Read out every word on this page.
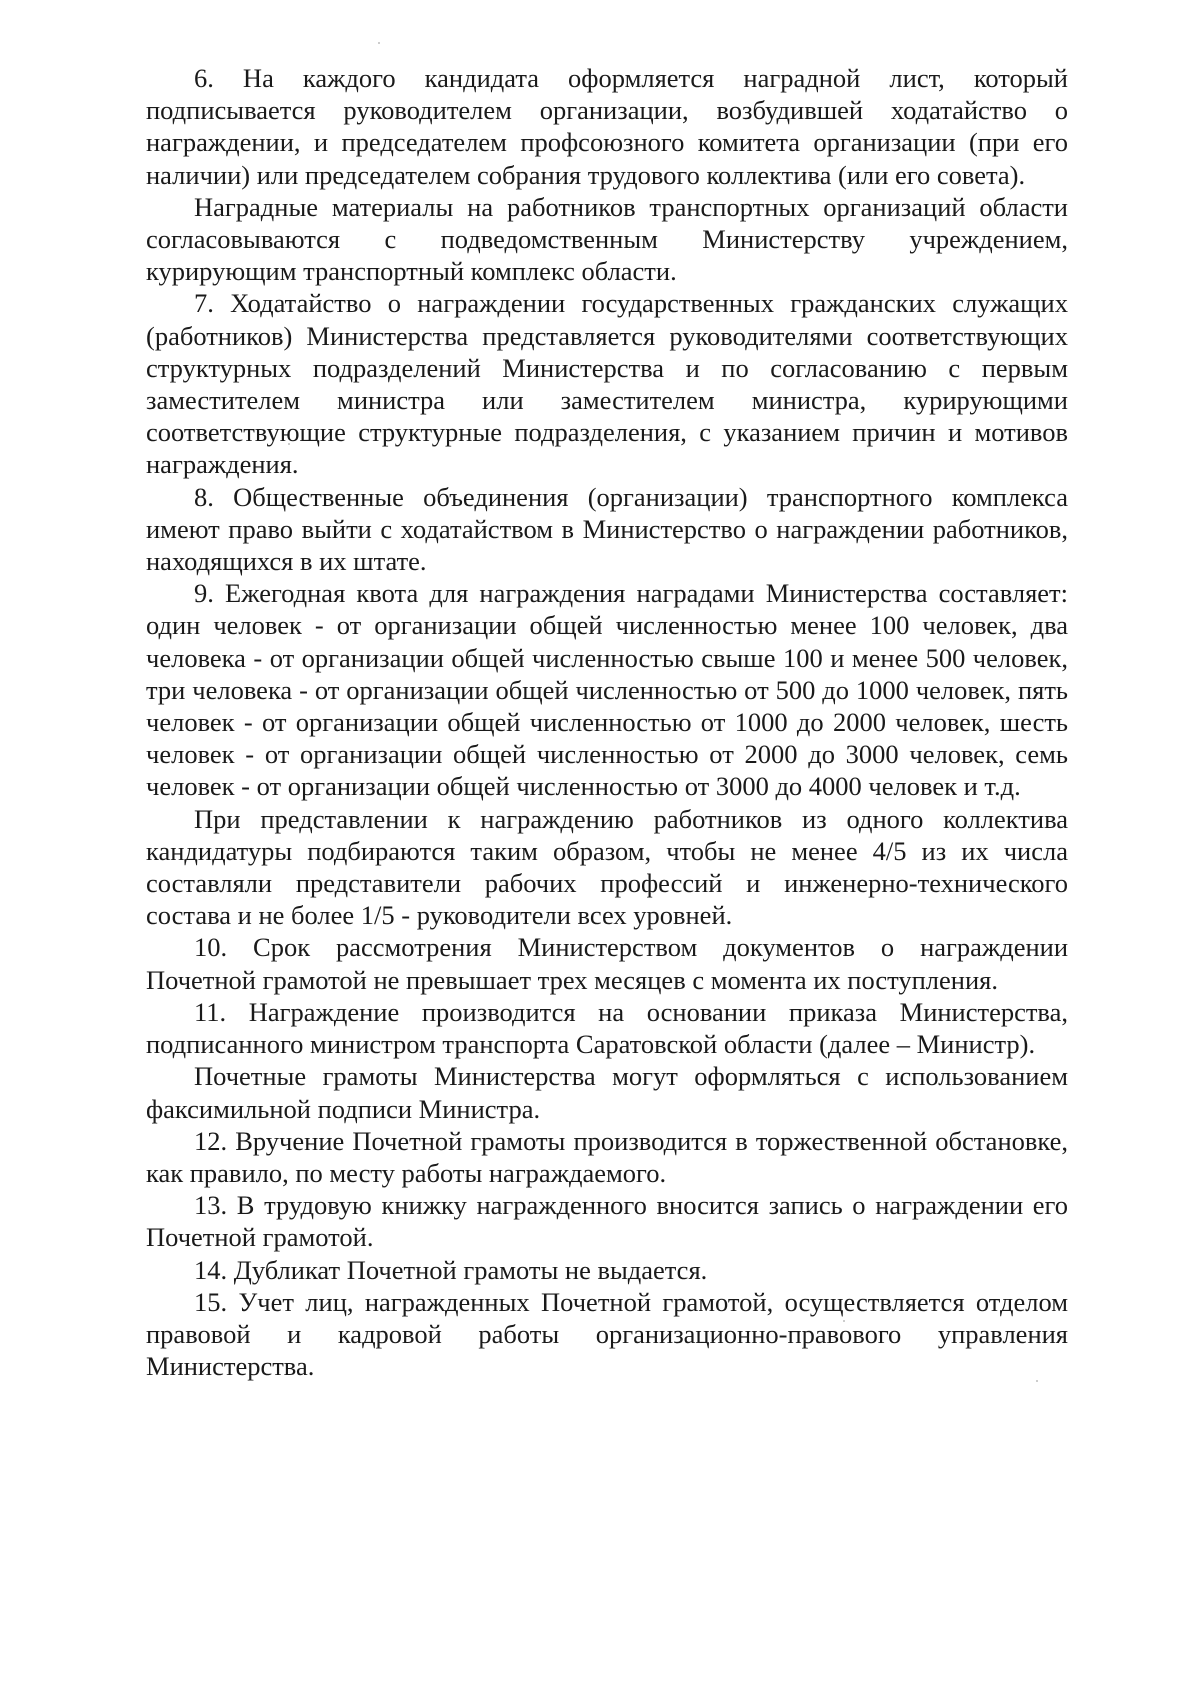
6. На каждого кандидата оформляется наградной лист, который подписывается руководителем организации, возбудившей ходатайство о награждении, и председателем профсоюзного комитета организации (при его наличии) или председателем собрания трудового коллектива (или его совета).

Наградные материалы на работников транспортных организаций области согласовываются с подведомственным Министерству учреждением, курирующим транспортный комплекс области.

7. Ходатайство о награждении государственных гражданских служащих (работников) Министерства представляется руководителями соответствующих структурных подразделений Министерства и по согласованию с первым заместителем министра или заместителем министра, курирующими соответствующие структурные подразделения, с указанием причин и мотивов награждения.

8. Общественные объединения (организации) транспортного комплекса имеют право выйти с ходатайством в Министерство о награждении работников, находящихся в их штате.

9. Ежегодная квота для награждения наградами Министерства составляет: один человек - от организации общей численностью менее 100 человек, два человека - от организации общей численностью свыше 100 и менее 500 человек, три человека - от организации общей численностью от 500 до 1000 человек, пять человек - от организации общей численностью от 1000 до 2000 человек, шесть человек - от организации общей численностью от 2000 до 3000 человек, семь человек - от организации общей численностью от 3000 до 4000 человек и т.д.

При представлении к награждению работников из одного коллектива кандидатуры подбираются таким образом, чтобы не менее 4/5 из их числа составляли представители рабочих профессий и инженерно-технического состава и не более 1/5 - руководители всех уровней.

10. Срок рассмотрения Министерством документов о награждении Почетной грамотой не превышает трех месяцев с момента их поступления.

11. Награждение производится на основании приказа Министерства, подписанного министром транспорта Саратовской области (далее – Министр).

Почетные грамоты Министерства могут оформляться с использованием факсимильной подписи Министра.

12. Вручение Почетной грамоты производится в торжественной обстановке, как правило, по месту работы награждаемого.

13. В трудовую книжку награжденного вносится запись о награждении его Почетной грамотой.

14. Дубликат Почетной грамоты не выдается.

15. Учет лиц, награжденных Почетной грамотой, осуществляется отделом правовой и кадровой работы организационно-правового управления Министерства.
